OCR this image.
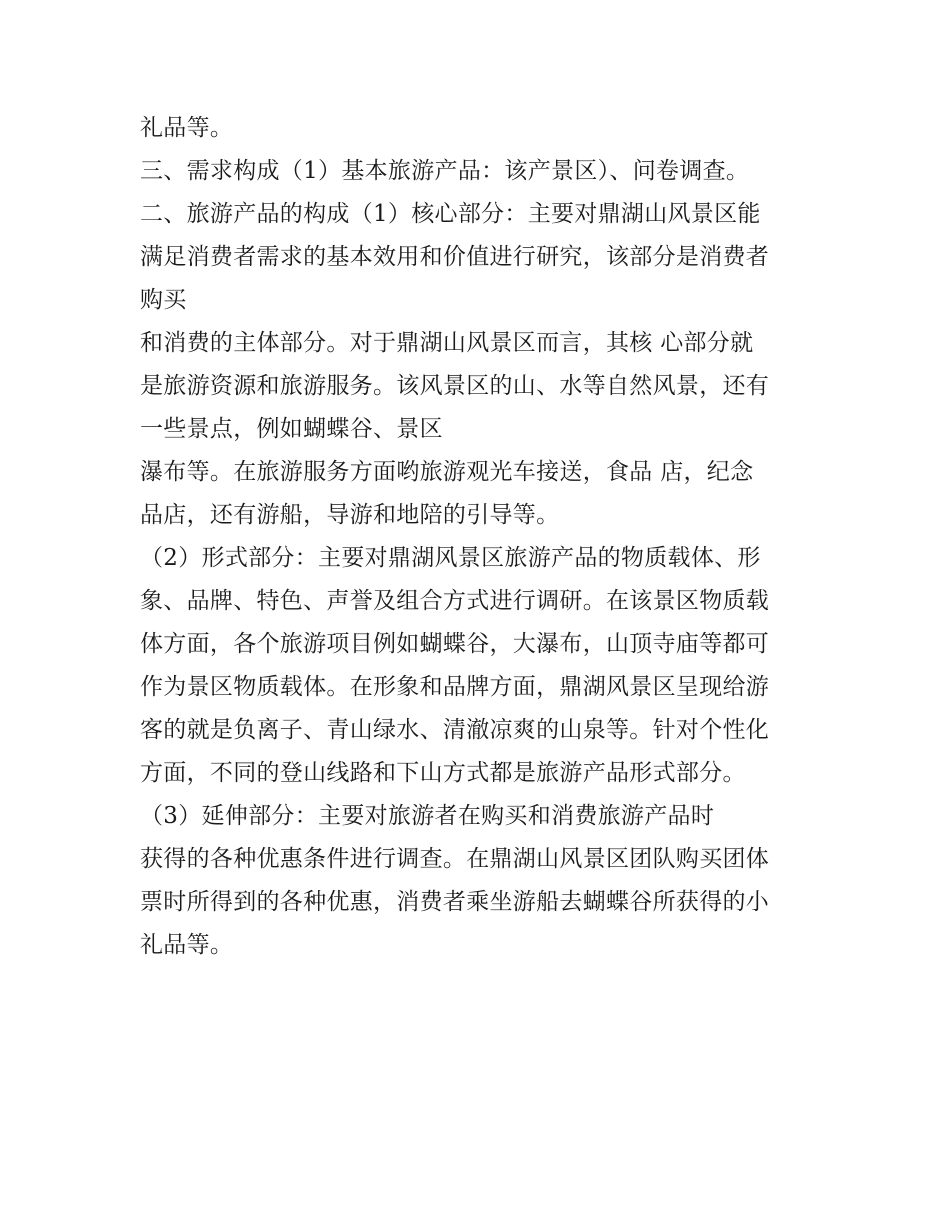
礼品等。
三、需求构成（1）基本旅游产品：该产景区）、问卷调查。
二、旅游产品的构成（1）核心部分：主要对鼎湖山风景区能
满足消费者需求的基本效用和价值进行研究，该部分是消费者
购买
和消费的主体部分。对于鼎湖山风景区而言，其核 心部分就
是旅游资源和旅游服务。该风景区的山、水等自然风景，还有
一些景点，例如蝴蝶谷、景区
瀑布等。在旅游服务方面哟旅游观光车接送，食品 店，纪念
品店，还有游船，导游和地陪的引导等。
（2）形式部分：主要对鼎湖风景区旅游产品的物质载体、形
象、品牌、特色、声誉及组合方式进行调研。在该景区物质载
体方面，各个旅游项目例如蝴蝶谷，大瀑布，山顶寺庙等都可
作为景区物质载体。在形象和品牌方面，鼎湖风景区呈现给游
客的就是负离子、青山绿水、清澈凉爽的山泉等。针对个性化
方面，不同的登山线路和下山方式都是旅游产品形式部分。
（3）延伸部分：主要对旅游者在购买和消费旅游产品时
获得的各种优惠条件进行调查。在鼎湖山风景区团队购买团体
票时所得到的各种优惠，消费者乘坐游船去蝴蝶谷所获得的小
礼品等。
